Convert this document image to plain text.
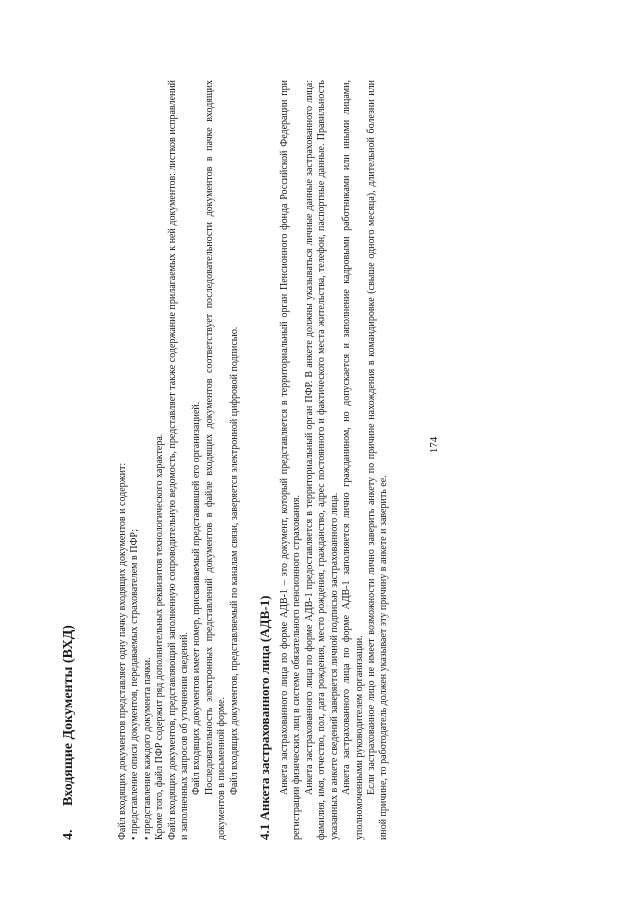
4.Входящие Документы (ВХД)	Файл входящих документов представляет одну пачку входящих документов и содержит: • представление описи документов, передаваемых страхователем в ПФР; • представление каждого документа пачки. Кроме того, файл ПФР содержит ряд дополнительных реквизитов технологического характера. Файл входящих документов, представляющий заполненную сопроводительную ведомость, представляет также содержание прилагаемых к ней документов: листков исправлений и заполненных запросов об уточнении сведений. Файл входящих документов имеет номер, присваиваемый представившей его организацией. Последовательность электронных представлений документов в файле входящих документов соответствует последовательности документов в пачке входящих документов в письменной форме. Файл входящих документов, представляемый по каналам связи, заверяется электронной цифровой подписью. 4.1 Анкета застрахованного лица (АДВ-1) Анкета застрахованного лица по форме АДВ-1 – это документ, который представляется в территориальный орган Пенсионного фонда Российской Федерации при регистрации физических лиц в системе обязательного пенсионного страхования. Анкета застрахованного лица по форме АДВ-1 предоставляется в территориальный орган ПФР. В анкете должны указываться личные данные застрахованного лица: фамилия, имя, отчество, пол, дата рождения, место рождения, гражданство, адрес постоянного и фактического места жительства, телефон, паспортные данные. Правильность указанных в анкете сведений заверяется личной подписью застрахованного лица. Анкета застрахованного лица по форме АДВ-1 заполняется лично гражданином, но допускается и заполнение кадровыми работниками или иными лицами, уполномоченными руководителем организации. Если застрахованное лицо не имеет возможности лично заверить анкету по причине нахождения в командировке (свыше одного месяца), длительной болезни или иной причине, то работодатель должен указывает эту причину в анкете и заверить ее.

174
